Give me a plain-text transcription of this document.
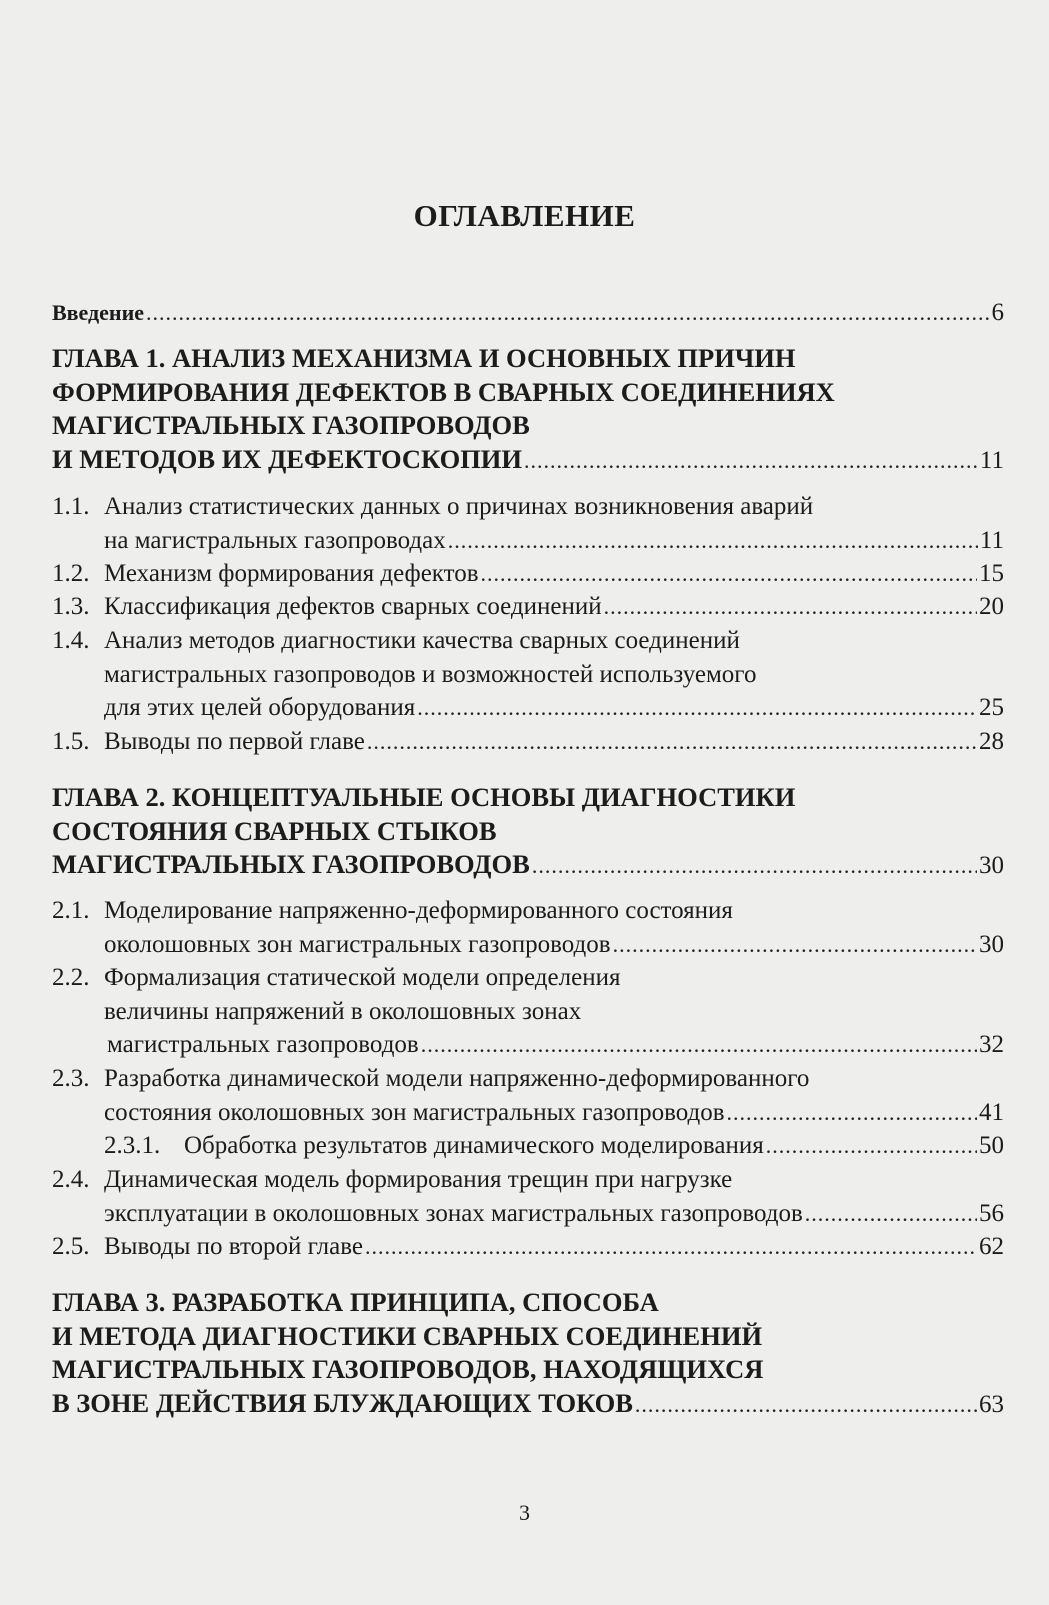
ОГЛАВЛЕНИЕ
Введение .....	6
ГЛАВА 1. АНАЛИЗ МЕХАНИЗМА И ОСНОВНЫХ ПРИЧИН
ФОРМИРОВАНИЯ ДЕФЕКТОВ В СВАРНЫХ СОЕДИНЕНИЯХ
МАГИСТРАЛЬНЫХ ГАЗОПРОВОДОВ
И МЕТОДОВ ИХ ДЕФЕКТОСКОПИИ .....	11
1.1. Анализ статистических данных о причинах возникновения аварий
на магистральных газопроводах .....	11
1.2. Механизм формирования дефектов .....	15
1.3. Классификация дефектов сварных соединений .....	20
1.4. Анализ методов диагностики качества сварных соединений
магистральных газопроводов и возможностей используемого
для этих целей оборудования .....	25
1.5. Выводы по первой главе .....	28
ГЛАВА 2. КОНЦЕПТУАЛЬНЫЕ ОСНОВЫ ДИАГНОСТИКИ
СОСТОЯНИЯ СВАРНЫХ СТЫКОВ
МАГИСТРАЛЬНЫХ ГАЗОПРОВОДОВ .....	30
2.1. Моделирование напряженно-деформированного состояния
околошовных зон магистральных газопроводов .....	30
2.2. Формализация статической модели определения
величины напряжений в околошовных зонах
магистральных газопроводов .....	32
2.3. Разработка динамической модели напряженно-деформированного
состояния околошовных зон магистральных газопроводов .....	41
2.3.1. Обработка результатов динамического моделирования .....	50
2.4. Динамическая модель формирования трещин при нагрузке
эксплуатации в околошовных зонах магистральных газопроводов .....	56
2.5. Выводы по второй главе .....	62
ГЛАВА 3. РАЗРАБОТКА ПРИНЦИПА, СПОСОБА
И МЕТОДА ДИАГНОСТИКИ СВАРНЫХ СОЕДИНЕНИЙ
МАГИСТРАЛЬНЫХ ГАЗОПРОВОДОВ, НАХОДЯЩИХСЯ
В ЗОНЕ ДЕЙСТВИЯ БЛУЖДАЮЩИХ ТОКОВ .....	63
3
